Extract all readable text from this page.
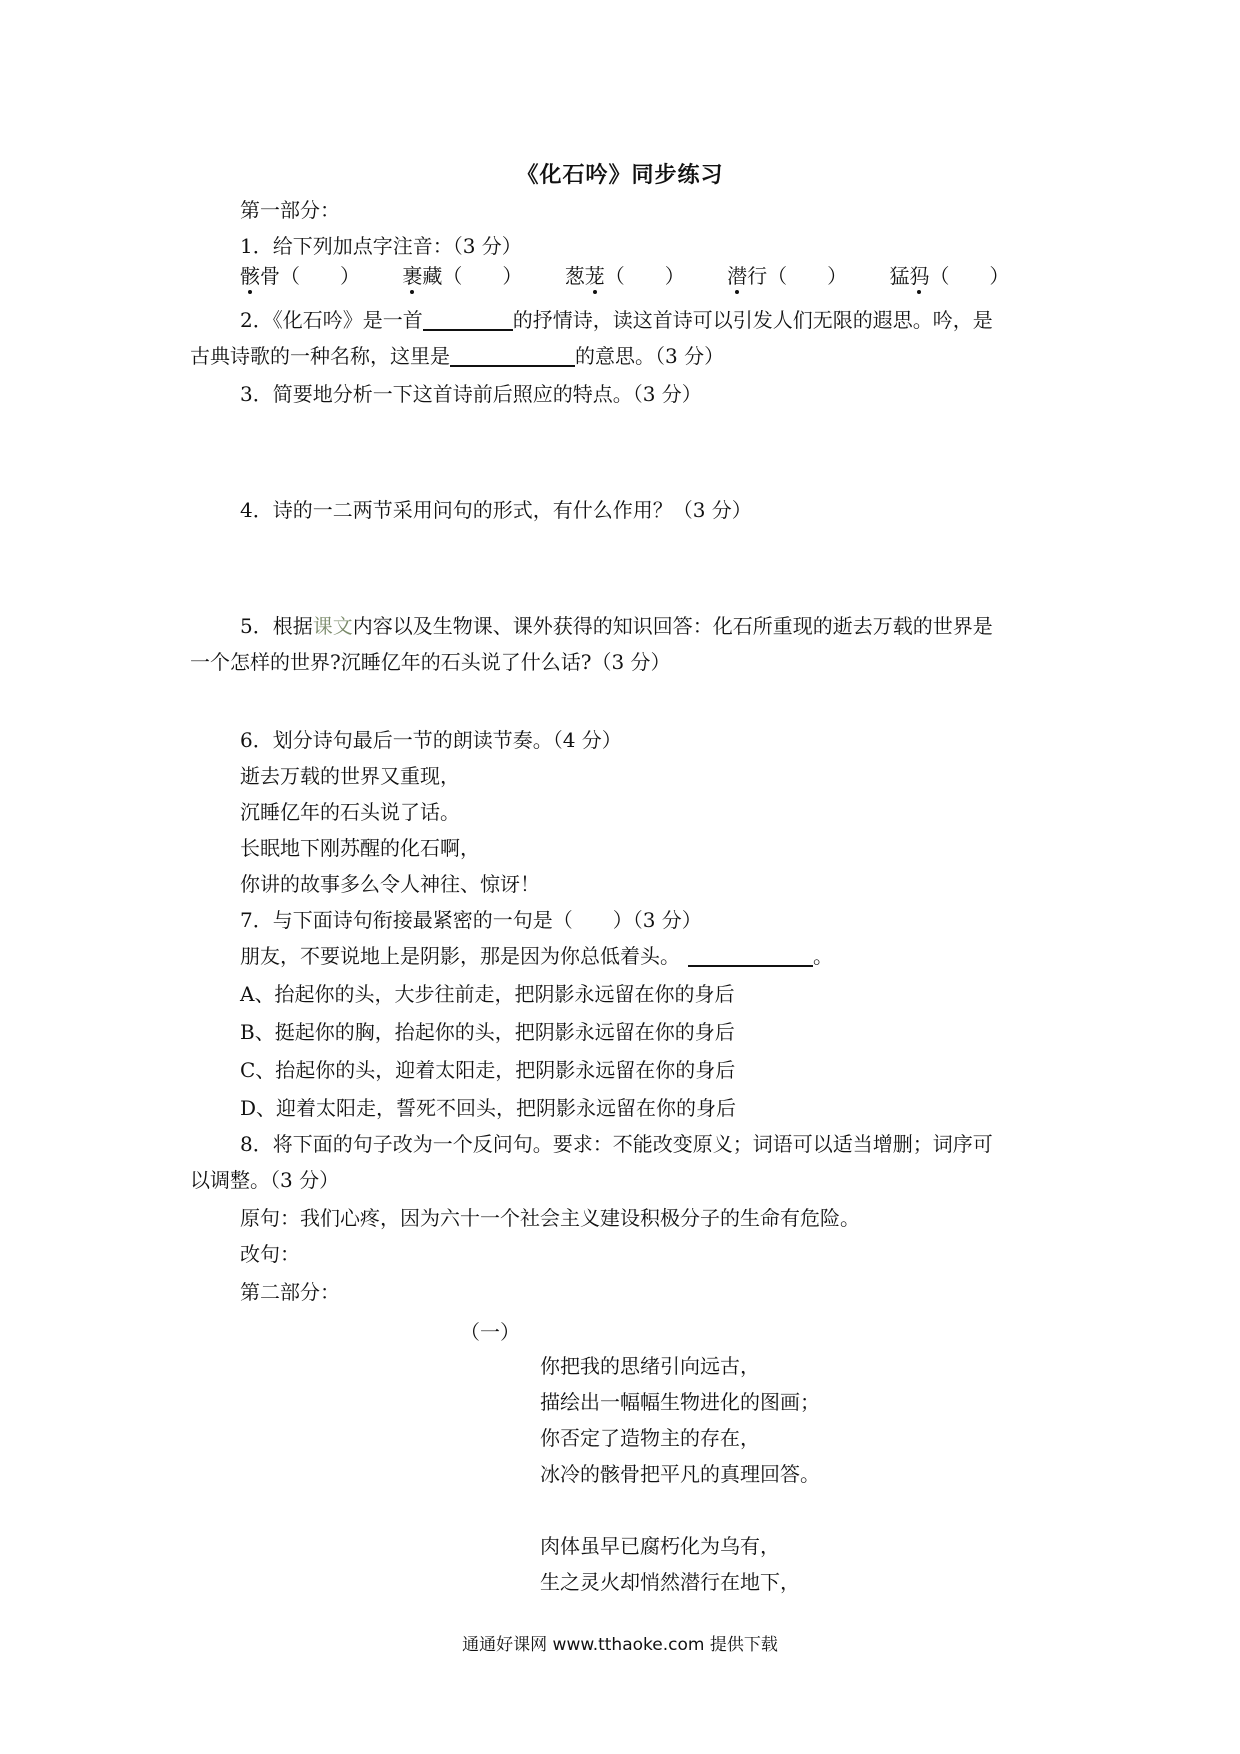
《化石吟》同步练习
第一部分：
1．给下列加点字注音：（3 分）
骸骨（　　） 裹藏（　　） 葱茏（　　） 潜行（　　） 猛犸（　　）
2．《化石吟》是一首	的抒情诗，读这首诗可以引发人们无限的遐思。吟，是
古典诗歌的一种名称，这里是	的意思。（3 分）
3．简要地分析一下这首诗前后照应的特点。（3 分）
4．诗的一二两节采用问句的形式，有什么作用？（3 分）
5．根据课文内容以及生物课、课外获得的知识回答：化石所重现的逝去万载的世界是
一个怎样的世界?沉睡亿年的石头说了什么话?（3 分）
6．划分诗句最后一节的朗读节奏。（4 分）
逝去万载的世界又重现，
沉睡亿年的石头说了话。
长眠地下刚苏醒的化石啊，
你讲的故事多么令人神往、惊讶！
7．与下面诗句衔接最紧密的一句是（　　）（3 分）
朋友，不要说地上是阴影，那是因为你总低着头。	。
A、抬起你的头，大步往前走，把阴影永远留在你的身后
B、挺起你的胸，抬起你的头，把阴影永远留在你的身后
C、抬起你的头，迎着太阳走，把阴影永远留在你的身后
D、迎着太阳走，誓死不回头，把阴影永远留在你的身后
8．将下面的句子改为一个反问句。要求：不能改变原义；词语可以适当增删；词序可
以调整。（3 分）
原句：我们心疼，因为六十一个社会主义建设积极分子的生命有危险。
改句：
第二部分：
（一）
你把我的思绪引向远古，
描绘出一幅幅生物进化的图画；
你否定了造物主的存在，
冰冷的骸骨把平凡的真理回答。
肉体虽早已腐朽化为乌有，
生之灵火却悄然潜行在地下，
通通好课网 www.tthaoke.com 提供下载
